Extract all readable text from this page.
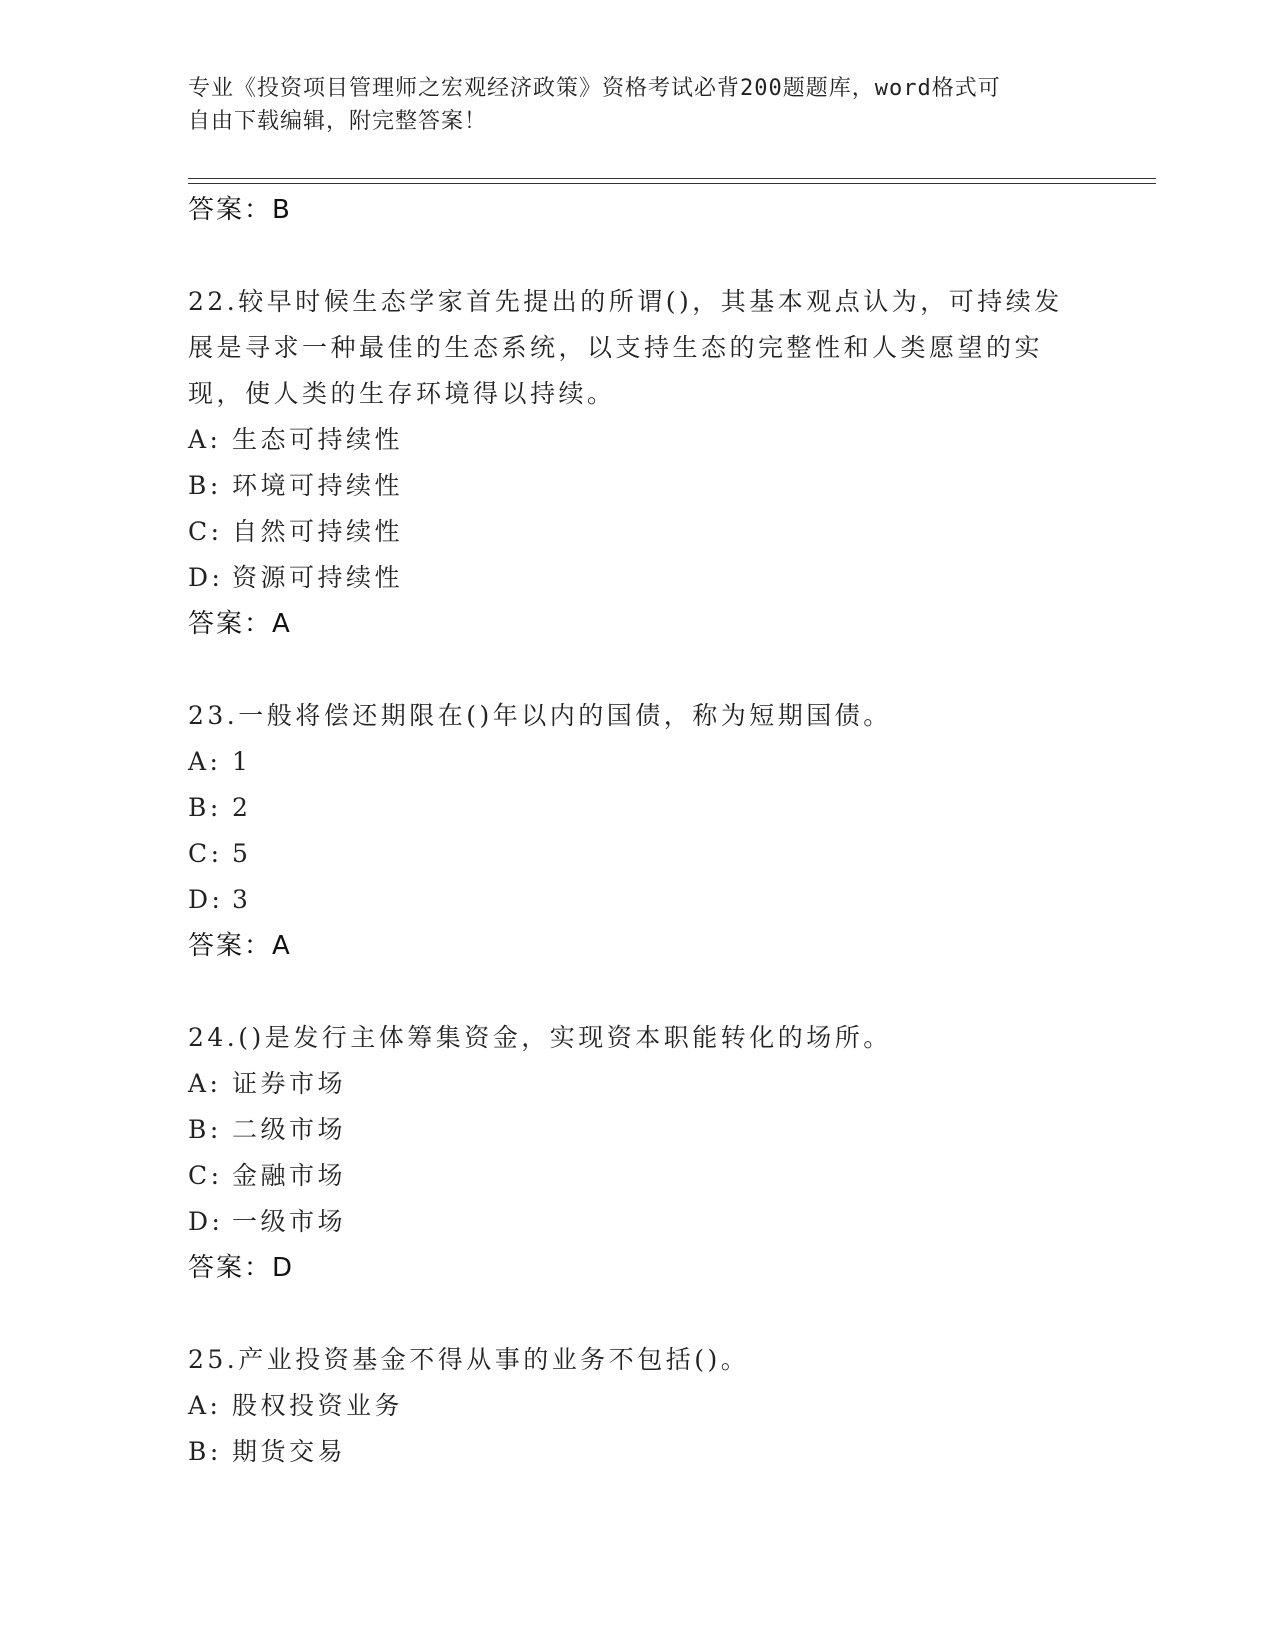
专业《投资项目管理师之宏观经济政策》资格考试必背200题题库，word格式可
自由下载编辑，附完整答案！
答案：B
22.较早时候生态学家首先提出的所谓()，其基本观点认为，可持续发
展是寻求一种最佳的生态系统，以支持生态的完整性和人类愿望的实
现，使人类的生存环境得以持续。
A: 生态可持续性
B: 环境可持续性
C: 自然可持续性
D: 资源可持续性
答案：A
23.一般将偿还期限在()年以内的国债，称为短期国债。
A: 1
B: 2
C: 5
D: 3
答案：A
24.()是发行主体筹集资金，实现资本职能转化的场所。
A: 证券市场
B: 二级市场
C: 金融市场
D: 一级市场
答案：D
25.产业投资基金不得从事的业务不包括()。
A: 股权投资业务
B: 期货交易
